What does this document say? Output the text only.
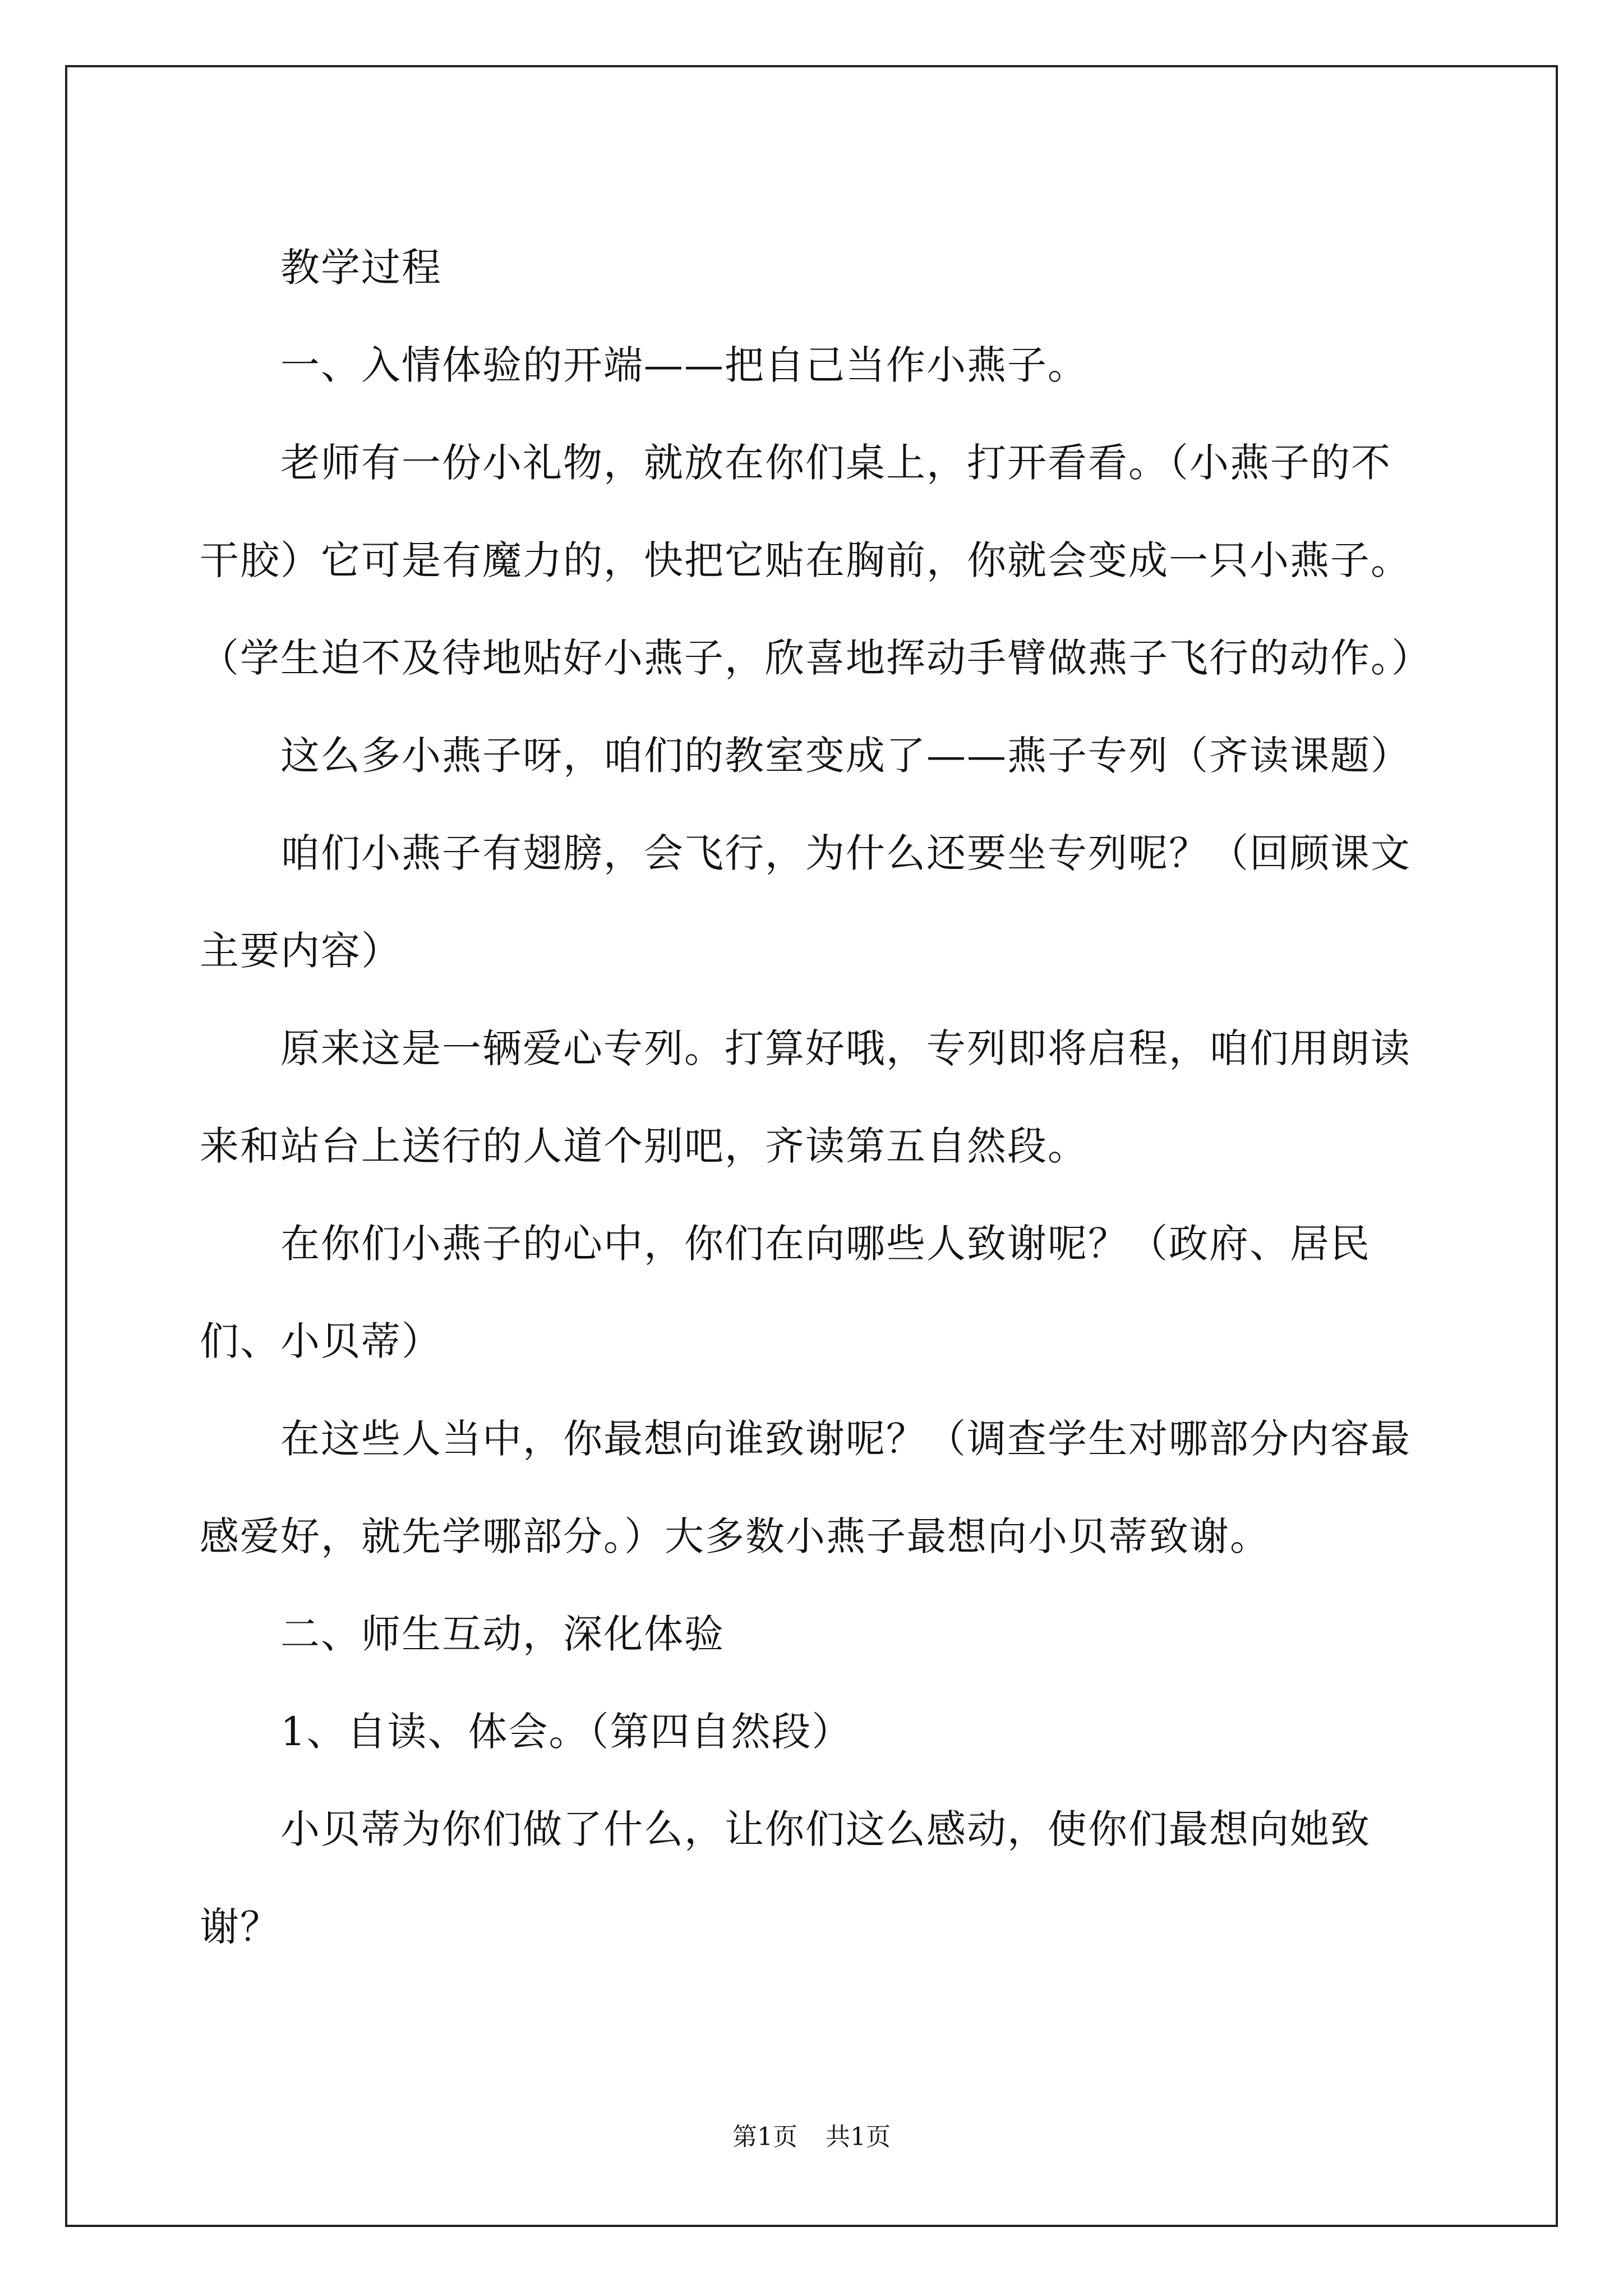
教学过程

一、入情体验的开端——把自己当作小燕子。

老师有一份小礼物，就放在你们桌上，打开看看。（小燕子的不干胶）它可是有魔力的，快把它贴在胸前，你就会变成一只小燕子。（学生迫不及待地贴好小燕子，欣喜地挥动手臂做燕子飞行的动作。）

这么多小燕子呀，咱们的教室变成了——燕子专列（齐读课题）

咱们小燕子有翅膀，会飞行，为什么还要坐专列呢？（回顾课文主要内容）

原来这是一辆爱心专列。打算好哦，专列即将启程，咱们用朗读来和站台上送行的人道个别吧，齐读第五自然段。

在你们小燕子的心中，你们在向哪些人致谢呢？（政府、居民们、小贝蒂）

在这些人当中，你最想向谁致谢呢？（调查学生对哪部分内容最感爱好，就先学哪部分。）大多数小燕子最想向小贝蒂致谢。

二、师生互动，深化体验

1、自读、体会。（第四自然段）

小贝蒂为你们做了什么，让你们这么感动，使你们最想向她致谢？

第1页 共1页
